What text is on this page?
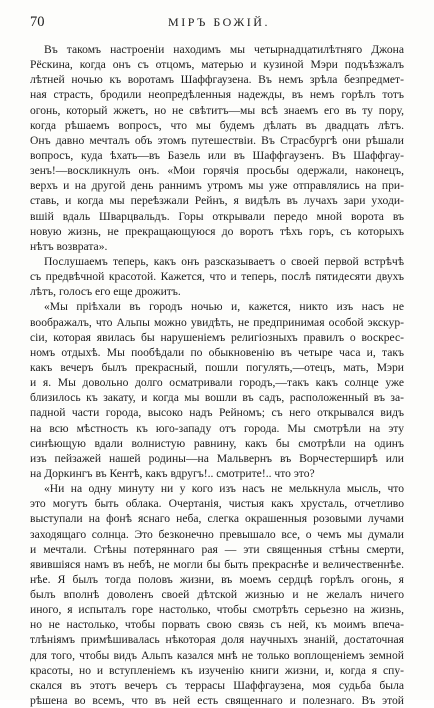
70	МІРЪ БОЖІЙ.
Въ такомъ настроеніи находимъ мы четырнадцатилѣтняго Джона
Рёскина, когда онъ съ отцомъ, матерью и кузиной Мэри подъѣзжалъ
лѣтней ночью къ воротамъ Шаффгаузена. Въ немъ зрѣла безпредмет-
ная страсть, бродили неопредѣленныя надежды, въ немъ горѣлъ тотъ
огонь, который жжетъ, но не свѣтитъ—мы всѣ знаемъ его въ ту пору,
когда рѣшаемъ вопросъ, что мы будемъ дѣлать въ двадцать лѣтъ.
Онъ давно мечталъ объ этомъ путешествіи. Въ Страсбургѣ они рѣшали
вопросъ, куда ѣхать—въ Базель или въ Шаффгаузенъ. Въ Шаффгау-
зенъ!—воскликнулъ онъ. «Мои горячія просьбы одержали, наконецъ,
верхъ и на другой день раннимъ утромъ мы уже отправлялись на при-
ставь, и когда мы переѣзжали Рейнъ, я видѣлъ въ лучахъ зари уходи-
вшій вдаль Шварцвальдъ. Горы открывали передо мной ворота въ
новую жизнь, не прекращающуюся до воротъ тѣхъ горъ, съ которыхъ
нѣтъ возврата».
Послушаемъ теперь, какъ онъ разсказываетъ о своей первой встрѣчѣ
съ предвѣчной красотой. Кажется, что и теперь, послѣ пятидесяти двухъ
лѣтъ, голосъ его еще дрожитъ.
«Мы пріѣхали въ городъ ночью и, кажется, никто изъ насъ не
воображалъ, что Альпы можно увидѣть, не предпринимая особой экскур-
сіи, которая явилась бы нарушеніемъ религіозныхъ правилъ о воскрес-
номъ отдыхѣ. Мы пообѣдали по обыкновенію въ четыре часа и, такъ
какъ вечеръ былъ прекрасный, пошли погулять,—отецъ, мать, Мэри
и я. Мы довольно долго осматривали городъ,—такъ какъ солнце уже
близилось къ закату, и когда мы вошли въ садъ, расположенный въ за-
падной части города, высоко надъ Рейномъ; съ него открывался видъ
на всю мѣстность къ юго-западу отъ города. Мы смотрѣли на эту
синѣющую вдали волнистую равнину, какъ бы смотрѣли на одинъ
изъ пейзажей нашей родины—на Мальвернъ въ Ворчестерширѣ или
на Доркингъ въ Кентѣ, какъ вдругъ!.. смотрите!.. что это?
«Ни на одну минуту ни у кого изъ насъ не мелькнула мысль, что
это могутъ быть облака. Очертанія, чистыя какъ хрусталь, отчетливо
выступали на фонѣ яснаго неба, слегка окрашенныя розовыми лучами
заходящаго солнца. Это безконечно превышало все, о чемъ мы думали
и мечтали. Стѣны потеряннаго рая — эти священныя стѣны смерти,
явившіяся намъ въ небѣ, не могли бы быть прекраснѣе и величественнѣе.
нѣе. Я былъ тогда половъ жизни, въ моемъ сердцѣ горѣлъ огонь, я
былъ вполнѣ доволенъ своей дѣтской жизнью и не желалъ ничего
иного, я испыталъ горе настолько, чтобы смотрѣть серьезно на жизнь,
но не настолько, чтобы порвать свою связь съ ней, къ моимъ впеча-
тлѣніямъ примѣшивалась нѣкоторая доля научныхъ знаній, достаточная
для того, чтобы видъ Альпъ казался мнѣ не только воплощеніемъ земной
красоты, но и вступленіемъ къ изученію книги жизни, и, когда я спу-
скался въ этотъ вечеръ съ террасы Шаффгаузена, моя судьба была
рѣшена во всемъ, что въ ней есть священнаго и полезнаго. Въ этой
